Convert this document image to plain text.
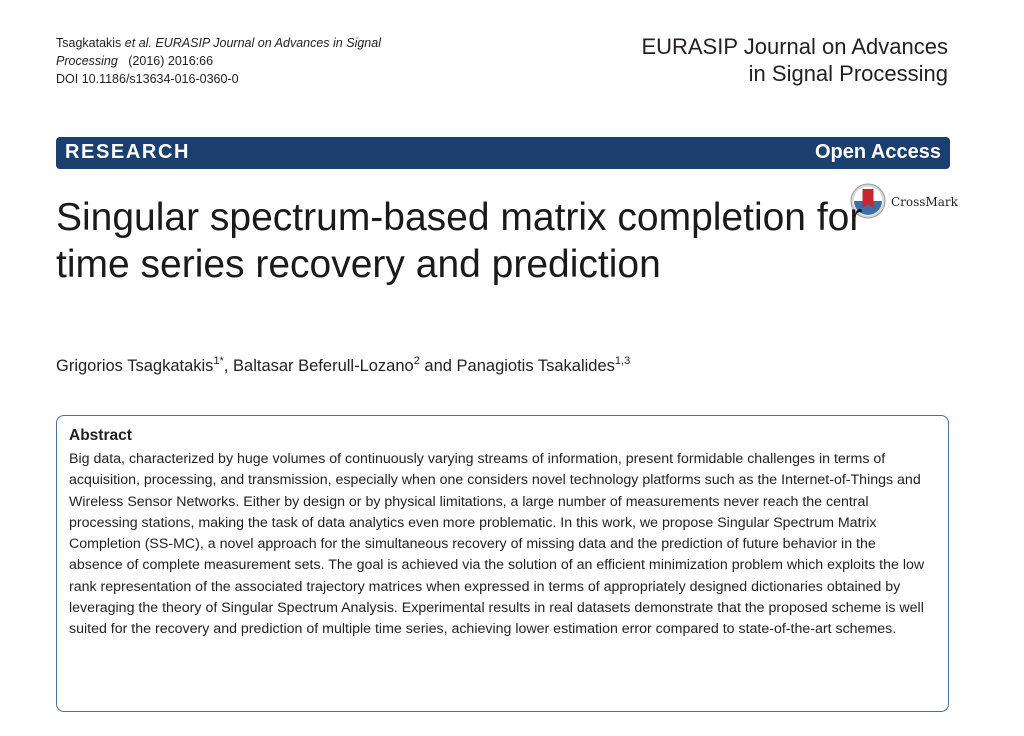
Tsagkatakis et al. EURASIP Journal on Advances in Signal
Processing (2016) 2016:66
DOI 10.1186/s13634-016-0360-0
EURASIP Journal on Advances
in Signal Processing
RESEARCH	Open Access
CrossMark
Singular spectrum-based matrix completion for time series recovery and prediction
Grigorios Tsagkatakis$^{1*}$, Baltasar Beferull-Lozano$^2$ and Panagiotis Tsakalides$^{1,3}$
Abstract

Big data, characterized by huge volumes of continuously varying streams of information, present formidable challenges in terms of acquisition, processing, and transmission, especially when one considers novel technology platforms such as the Internet-of-Things and Wireless Sensor Networks. Either by design or by physical limitations, a large number of measurements never reach the central processing stations, making the task of data analytics even more problematic. In this work, we propose Singular Spectrum Matrix Completion (SS-MC), a novel approach for the simultaneous recovery of missing data and the prediction of future behavior in the absence of complete measurement sets. The goal is achieved via the solution of an efficient minimization problem which exploits the low rank representation of the associated trajectory matrices when expressed in terms of appropriately designed dictionaries obtained by leveraging the theory of Singular Spectrum Analysis. Experimental results in real datasets demonstrate that the proposed scheme is well suited for the recovery and prediction of multiple time series, achieving lower estimation error compared to state-of-the-art schemes.
